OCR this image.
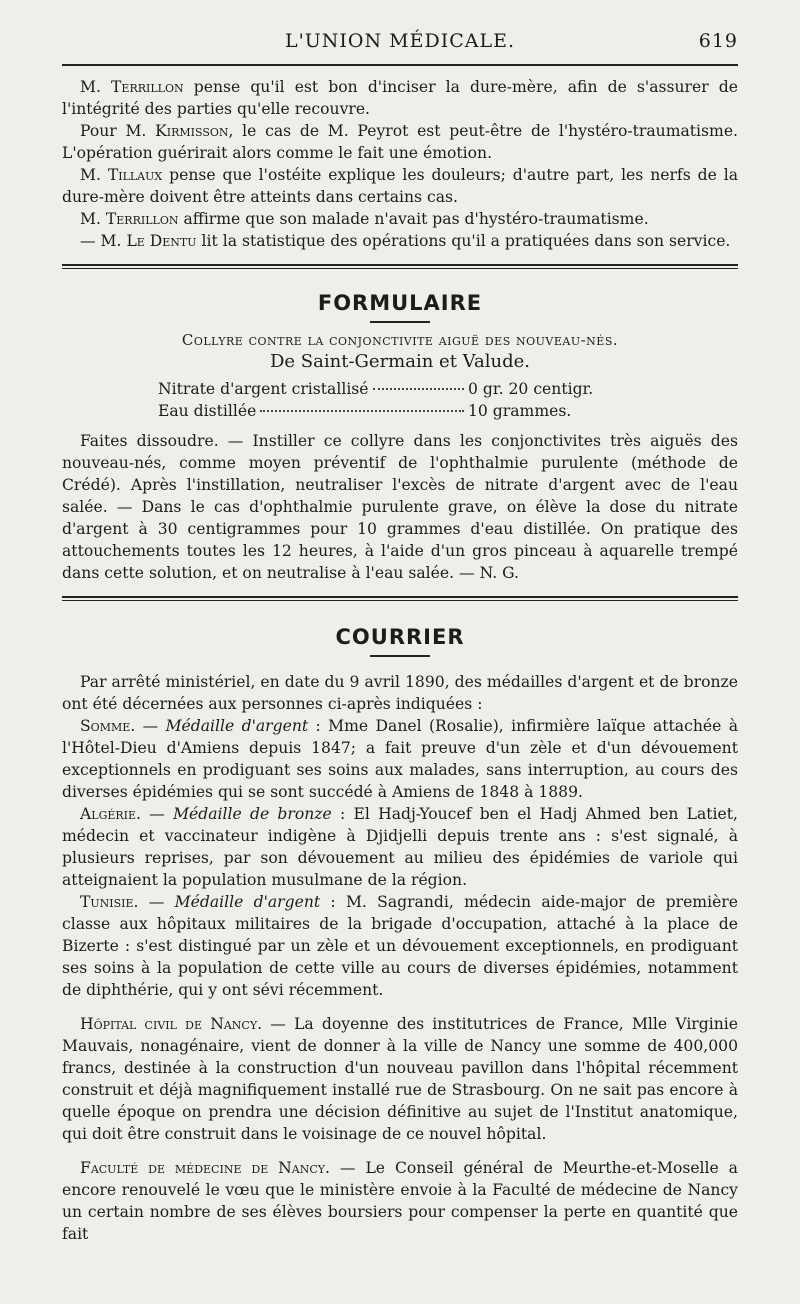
L'UNION MÉDICALE.	619

M. Terrillon pense qu'il est bon d'inciser la dure-mère, afin de s'assurer de l'intégrité des parties qu'elle recouvre.

Pour M. Kirmisson, le cas de M. Peyrot est peut-être de l'hystéro-traumatisme. L'opération guérirait alors comme le fait une émotion.

M. Tillaux pense que l'ostéite explique les douleurs; d'autre part, les nerfs de la dure-mère doivent être atteints dans certains cas.

M. Terrillon affirme que son malade n'avait pas d'hystéro-traumatisme.

— M. Le Dentu lit la statistique des opérations qu'il a pratiquées dans son service.

FORMULAIRE
Collyre contre la conjonctivite aiguë des nouveau-nés.
De Saint-Germain et Valude.
Nitrate d'argent cristallisé	0 gr. 20 centigr.
Eau distillée	10 grammes.

Faites dissoudre. — Instiller ce collyre dans les conjonctivites très aiguës des nouveau-nés, comme moyen préventif de l'ophthalmie purulente (méthode de Crédé). Après l'instillation, neutraliser l'excès de nitrate d'argent avec de l'eau salée. — Dans le cas d'ophthalmie purulente grave, on élève la dose du nitrate d'argent à 30 centigrammes pour 10 grammes d'eau distillée. On pratique des attouchements toutes les 12 heures, à l'aide d'un gros pinceau à aquarelle trempé dans cette solution, et on neutralise à l'eau salée. — N. G.

COURRIER

Par arrêté ministériel, en date du 9 avril 1890, des médailles d'argent et de bronze ont été décernées aux personnes ci-après indiquées :

Somme. — Médaille d'argent : Mme Danel (Rosalie), infirmière laïque attachée à l'Hôtel-Dieu d'Amiens depuis 1847; a fait preuve d'un zèle et d'un dévouement exceptionnels en prodiguant ses soins aux malades, sans interruption, au cours des diverses épidémies qui se sont succédé à Amiens de 1848 à 1889.

Algérie. — Médaille de bronze : El Hadj-Youcef ben el Hadj Ahmed ben Latiet, médecin et vaccinateur indigène à Djidjelli depuis trente ans : s'est signalé, à plusieurs reprises, par son dévouement au milieu des épidémies de variole qui atteignaient la population musulmane de la région.

Tunisie. — Médaille d'argent : M. Sagrandi, médecin aide-major de première classe aux hôpitaux militaires de la brigade d'occupation, attaché à la place de Bizerte : s'est distingué par un zèle et un dévouement exceptionnels, en prodiguant ses soins à la population de cette ville au cours de diverses épidémies, notamment de diphthérie, qui y ont sévi récemment.

Hôpital civil de Nancy. — La doyenne des institutrices de France, Mlle Virginie Mauvais, nonagénaire, vient de donner à la ville de Nancy une somme de 400,000 francs, destinée à la construction d'un nouveau pavillon dans l'hôpital récemment construit et déjà magnifiquement installé rue de Strasbourg. On ne sait pas encore à quelle époque on prendra une décision définitive au sujet de l'Institut anatomique, qui doit être construit dans le voisinage de ce nouvel hôpital.

Faculté de médecine de Nancy. — Le Conseil général de Meurthe-et-Moselle a encore renouvelé le vœu que le ministère envoie à la Faculté de médecine de Nancy un certain nombre de ses élèves boursiers pour compenser la perte en quantité que fait
